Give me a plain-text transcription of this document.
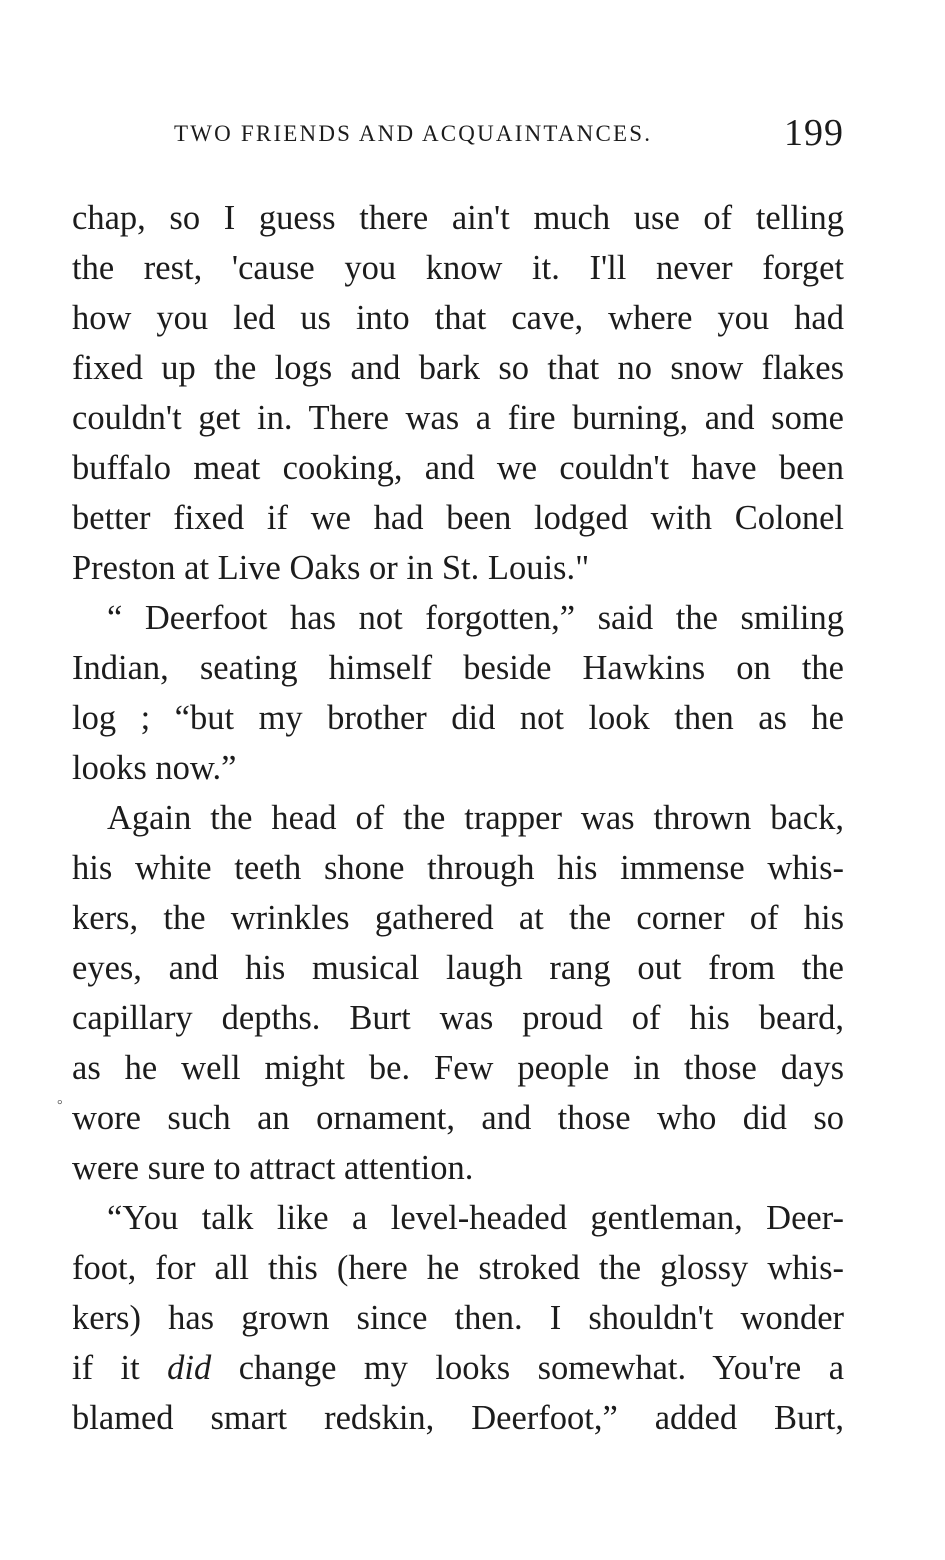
TWO FRIENDS AND ACQUAINTANCES.	199
chap, so I guess there ain't much use of telling
the rest, 'cause you know it. I'll never forget
how you led us into that cave, where you had
fixed up the logs and bark so that no snow flakes
couldn't get in. There was a fire burning, and some
buffalo meat cooking, and we couldn't have been
better fixed if we had been lodged with Colonel
Preston at Live Oaks or in St. Louis."
“ Deerfoot has not forgotten,” said the smiling
Indian, seating himself beside Hawkins on the
log ; “but my brother did not look then as he
looks now.”
Again the head of the trapper was thrown back,
his white teeth shone through his immense whis-
kers, the wrinkles gathered at the corner of his
eyes, and his musical laugh rang out from the
capillary depths. Burt was proud of his beard,
as he well might be. Few people in those days
wore such an ornament, and those who did so
were sure to attract attention.
“You talk like a level-headed gentleman, Deer-
foot, for all this (here he stroked the glossy whis-
kers) has grown since then. I shouldn't wonder
if it did change my looks somewhat. You're a
blamed smart redskin, Deerfoot,” added Burt,
°
